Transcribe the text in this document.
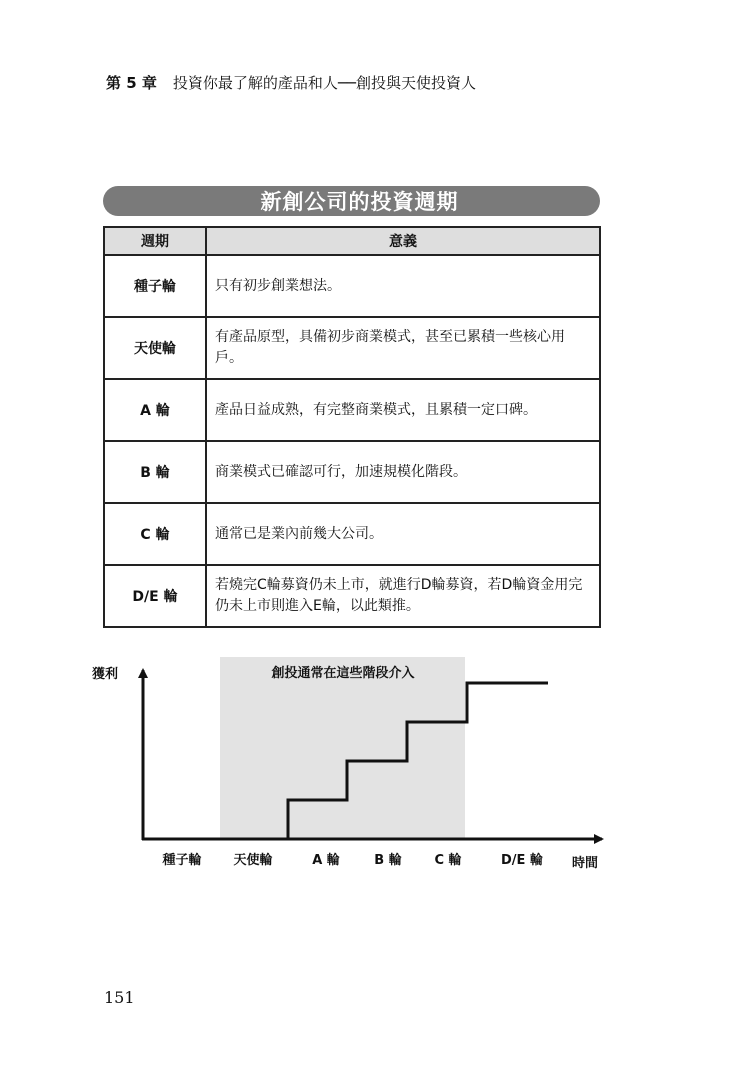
第 5 章 投資你最了解的產品和人──創投與天使投資人
新創公司的投資週期
週期	意義
種子輪	只有初步創業想法。
天使輪	有產品原型，具備初步商業模式，甚至已累積一些核心用戶。
A 輪	產品日益成熟，有完整商業模式，且累積一定口碑。
B 輪	商業模式已確認可行，加速規模化階段。
C 輪	通常已是業內前幾大公司。
D/E 輪	若燒完C輪募資仍未上市，就進行D輪募資，若D輪資金用完仍未上市則進入E輪，以此類推。
創投通常在這些階段介入
獲利
時間
種子輪 天使輪	A 輪	B 輪	C 輪	D/E 輪
151
